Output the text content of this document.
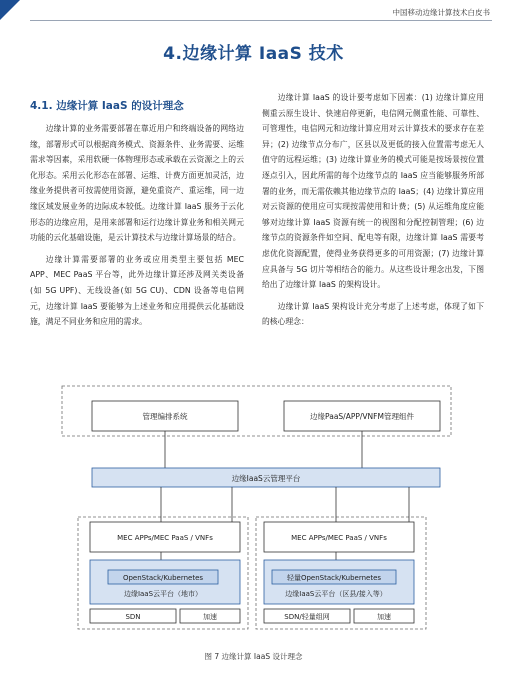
中国移动边缘计算技术白皮书
4.边缘计算 IaaS 技术
4.1. 边缘计算 IaaS 的设计理念

边缘计算的业务需要部署在靠近用户和终端设备的网络边缘，部署形式可以根据商务模式、资源条件、业务需要、运维需求等因素，采用软硬一体物理形态或承载在云资源之上的云化形态。采用云化形态在部署、运维、计费方面更加灵活，边缘业务提供者可按需使用资源，避免重资产、重运维，同一边缘区域发展业务的边际成本较低。边缘计算 IaaS 服务于云化形态的边缘应用，是用来部署和运行边缘计算业务和相关网元功能的云化基础设施，是云计算技术与边缘计算场景的结合。

边缘计算需要部署的业务或应用类型主要包括 MEC APP、MEC PaaS 平台等，此外边缘计算还涉及网关类设备(如 5G UPF)、无线设备(如 5G CU)、CDN 设备等电信网元，边缘计算 IaaS 要能够为上述业务和应用提供云化基础设施，满足不同业务和应用的需求。

边缘计算 IaaS 的设计要考虑如下因素：(1) 边缘计算应用侧重云原生设计、快速启停更新，电信网元侧重性能、可靠性、可管理性，电信网元和边缘计算应用对云计算技术的要求存在差异；(2) 边缘节点分布广，区县以及更低的接入位置需考虑无人值守的远程运维；(3) 边缘计算业务的模式可能是按场景按位置逐点引入，因此所需的每个边缘节点的 IaaS 应当能够服务所部署的业务，而无需依赖其他边缘节点的 IaaS；(4) 边缘计算应用对云资源的使用应可实现按需使用和计费；(5) 从运维角度应能够对边缘计算 IaaS 资源有统一的视图和分配控制管理；(6) 边缘节点的资源条件如空间、配电等有限，边缘计算 IaaS 需要考虑优化资源配置，使得业务获得更多的可用资源；(7) 边缘计算应具备与 5G 切片等相结合的能力。从这些设计理念出发，下图给出了边缘计算 IaaS 的架构设计。

边缘计算 IaaS 架构设计充分考虑了上述考虑，体现了如下的核心理念：

管理编排系统	边缘PaaS/APP/VNFM管理组件
边缘IaaS云管理平台
MEC APPs/MEC PaaS / VNFs
OpenStack/Kubernetes
边缘IaaS云平台（地市）
SDN	加速
MEC APPs/MEC PaaS / VNFs
轻量OpenStack/Kubernetes
边缘IaaS云平台（区县/接入等）
SDN/轻量组网	加速
图 7 边缘计算 IaaS 设计理念
